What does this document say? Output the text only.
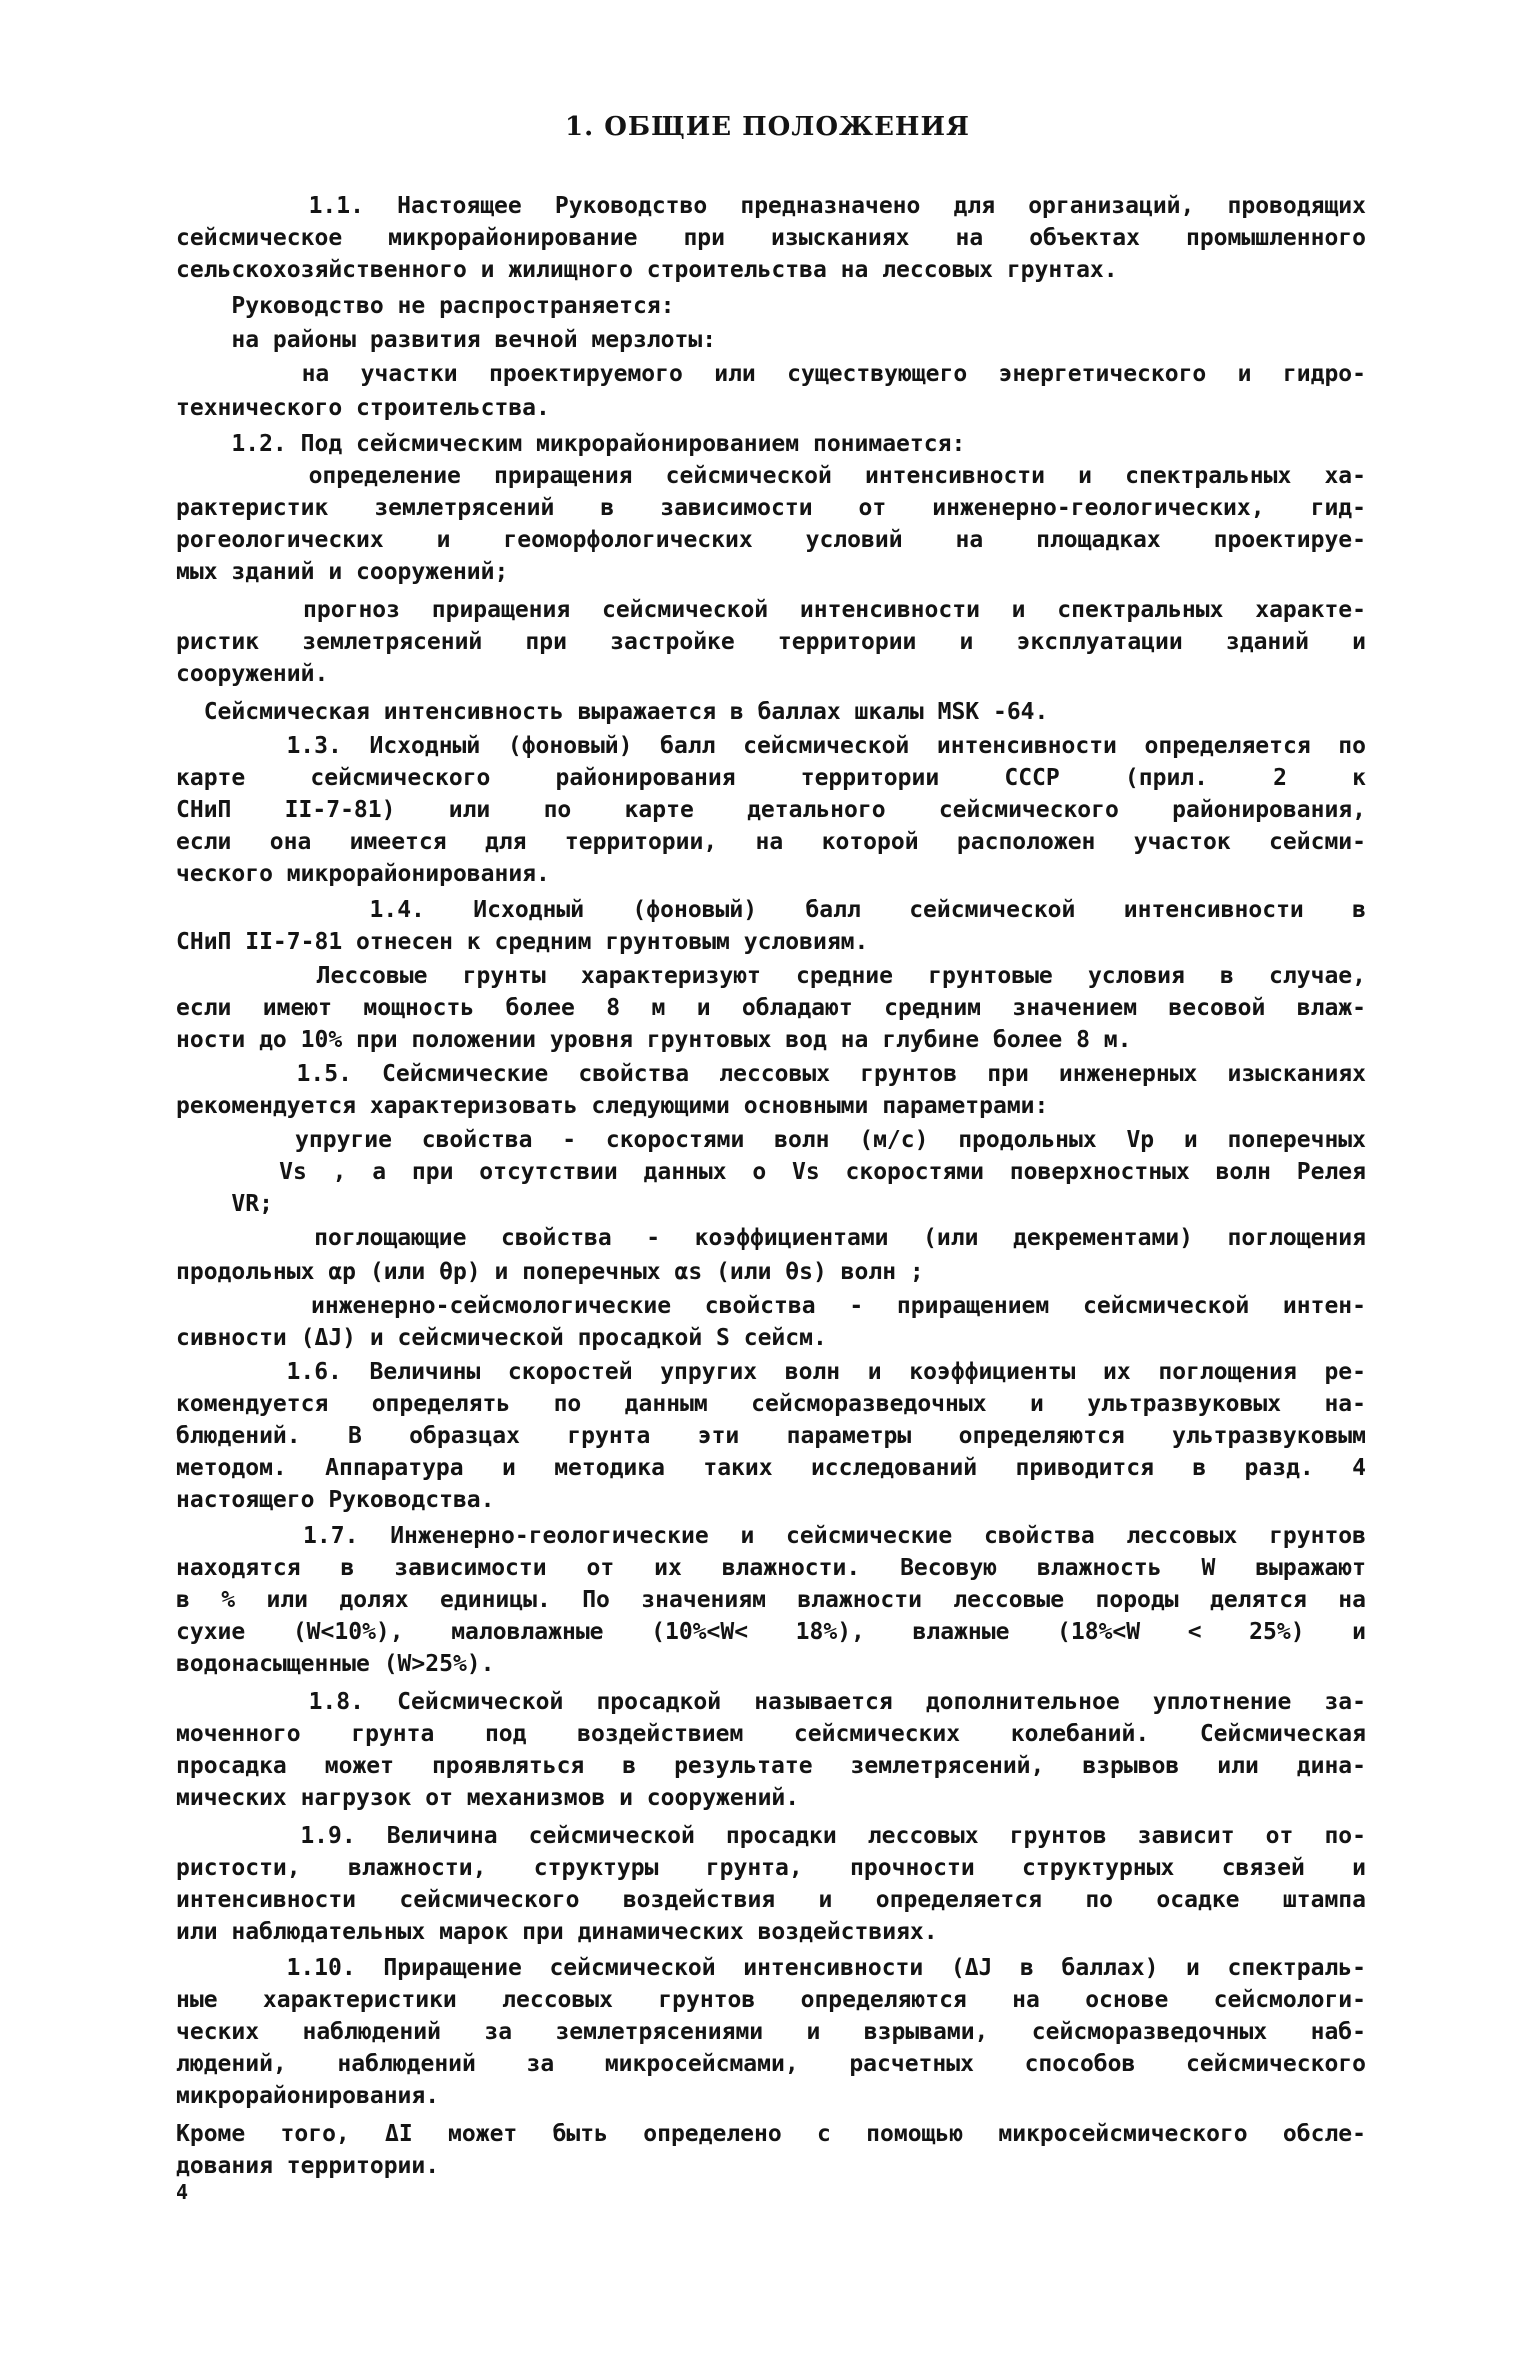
1. ОБЩИЕ ПОЛОЖЕНИЯ
1.1. Настоящее Руководство предназначено для организаций, проводящих
сейсмическое микрорайонирование при изысканиях на объектах промышленного
сельскохозяйственного и жилищного строительства на лессовых грунтах.
Руководство не распространяется:
на районы развития вечной мерзлоты:
на участки проектируемого или существующего энергетического и гидро-
технического строительства.
1.2. Под сейсмическим микрорайонированием понимается:
определение приращения сейсмической интенсивности и спектральных ха-
рактеристик землетрясений в зависимости от инженерно-геологических, гид-
рогеологических и геоморфологических условий на площадках проектируе-
мых зданий и сооружений;
прогноз приращения сейсмической интенсивности и спектральных характе-
ристик землетрясений при застройке территории и эксплуатации зданий и
сооружений.
Сейсмическая интенсивность выражается в баллах шкалы MSK -64.
1.3. Исходный (фоновый) балл сейсмической интенсивности определяется по
карте сейсмического районирования территории СССР (прил. 2 к
СНиП II-7-81) или по карте детального сейсмического районирования,
если она имеется для территории, на которой расположен участок сейсми-
ческого микрорайонирования.
1.4. Исходный (фоновый) балл сейсмической интенсивности в
СНиП II-7-81 отнесен к средним грунтовым условиям.
Лессовые грунты характеризуют средние грунтовые условия в случае,
если имеют мощность более 8 м и обладают средним значением весовой влаж-
ности до 10% при положении уровня грунтовых вод на глубине более 8 м.
1.5. Сейсмические свойства лессовых грунтов при инженерных изысканиях
рекомендуется характеризовать следующими основными параметрами:
упругие свойства - скоростями волн (м/с) продольных Vp и поперечных
Vs , а при отсутствии данных о Vs скоростями поверхностных волн Релея
VR;
поглощающие свойства - коэффициентами (или декрементами) поглощения
продольных αp (или θp) и поперечных αs (или θs) волн ;
инженерно-сейсмологические свойства - приращением сейсмической интен-
сивности (ΔJ) и сейсмической просадкой S сейсм.
1.6. Величины скоростей упругих волн и коэффициенты их поглощения ре-
комендуется определять по данным сейсморазведочных и ультразвуковых на-
блюдений. В образцах грунта эти параметры определяются ультразвуковым
методом. Аппаратура и методика таких исследований приводится в разд. 4
настоящего Руководства.
1.7. Инженерно-геологические и сейсмические свойства лессовых грунтов
находятся в зависимости от их влажности. Весовую влажность W выражают
в % или долях единицы. По значениям влажности лессовые породы делятся на
сухие (W<10%), маловлажные (10%<W< 18%), влажные (18%<W < 25%) и
водонасыщенные (W>25%).
1.8. Сейсмической просадкой называется дополнительное уплотнение за-
моченного грунта под воздействием сейсмических колебаний. Сейсмическая
просадка может проявляться в результате землетрясений, взрывов или дина-
мических нагрузок от механизмов и сооружений.
1.9. Величина сейсмической просадки лессовых грунтов зависит от по-
ристости, влажности, структуры грунта, прочности структурных связей и
интенсивности сейсмического воздействия и определяется по осадке штампа
или наблюдательных марок при динамических воздействиях.
1.10. Приращение сейсмической интенсивности (ΔJ в баллах) и спектраль-
ные характеристики лессовых грунтов определяются на основе сейсмологи-
ческих наблюдений за землетрясениями и взрывами, сейсморазведочных наб-
людений, наблюдений за микросейсмами, расчетных способов сейсмического
микрорайонирования.
Кроме того, ΔI может быть определено с помощью микросейсмического обсле-
дования территории.
4
